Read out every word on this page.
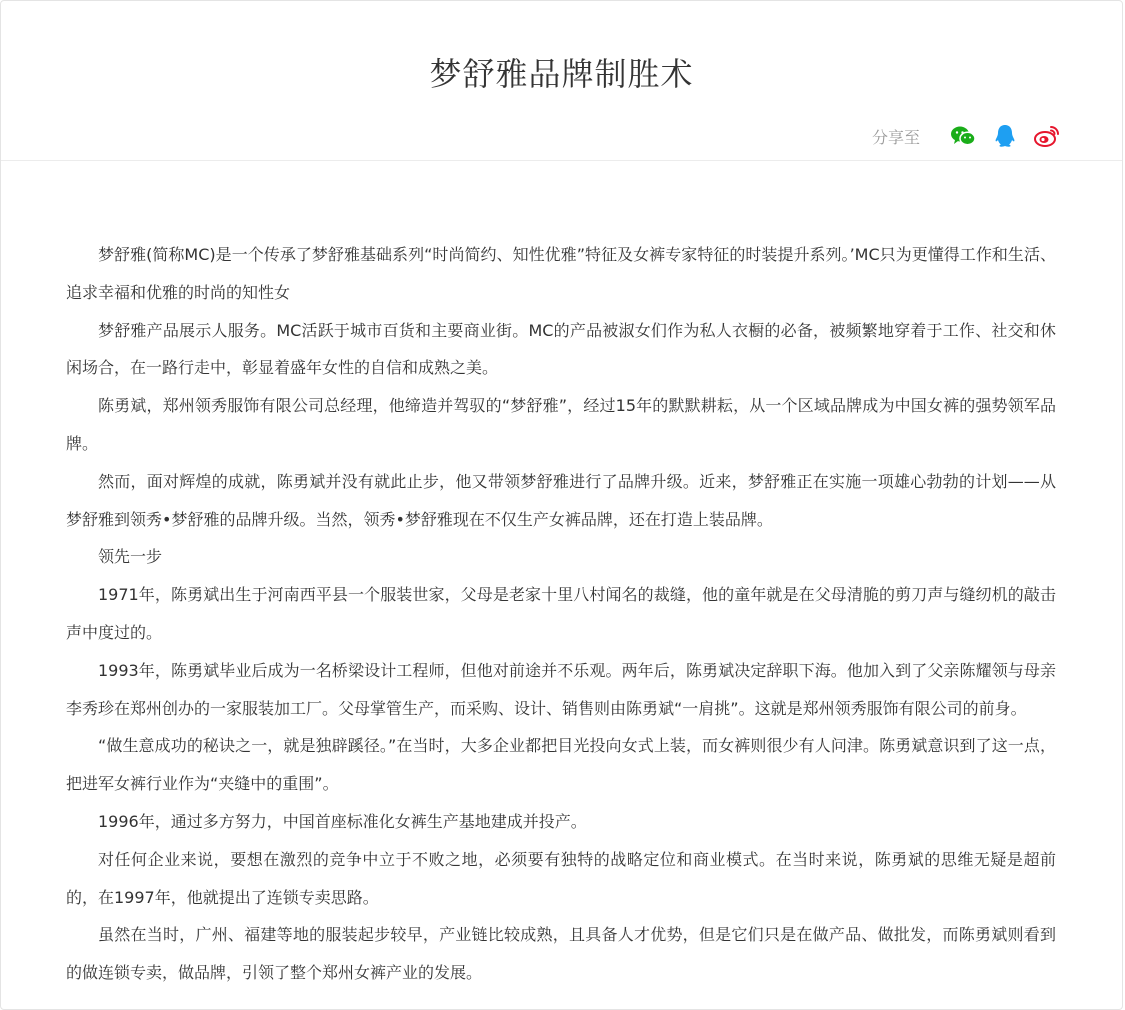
梦舒雅品牌制胜术
分享至

梦舒雅(简称MC)是一个传承了梦舒雅基础系列“时尚简约、知性优雅”特征及女裤专家特征的时装提升系列。’MC只为更懂得工作和生活、追求幸福和优雅的时尚的知性女

梦舒雅产品展示人服务。MC活跃于城市百货和主要商业街。MC的产品被淑女们作为私人衣橱的必备，被频繁地穿着于工作、社交和休闲场合，在一路行走中，彰显着盛年女性的自信和成熟之美。

陈勇斌，郑州领秀服饰有限公司总经理，他缔造并驾驭的“梦舒雅”，经过15年的默默耕耘，从一个区域品牌成为中国女裤的强势领军品牌。

然而，面对辉煌的成就，陈勇斌并没有就此止步，他又带领梦舒雅进行了品牌升级。近来，梦舒雅正在实施一项雄心勃勃的计划——从梦舒雅到领秀•梦舒雅的品牌升级。当然，领秀•梦舒雅现在不仅生产女裤品牌，还在打造上装品牌。

领先一步

1971年，陈勇斌出生于河南西平县一个服装世家，父母是老家十里八村闻名的裁缝，他的童年就是在父母清脆的剪刀声与缝纫机的敲击声中度过的。

1993年，陈勇斌毕业后成为一名桥梁设计工程师，但他对前途并不乐观。两年后，陈勇斌决定辞职下海。他加入到了父亲陈耀领与母亲李秀珍在郑州创办的一家服装加工厂。父母掌管生产，而采购、设计、销售则由陈勇斌“一肩挑”。这就是郑州领秀服饰有限公司的前身。

“做生意成功的秘诀之一，就是独辟蹊径。”在当时，大多企业都把目光投向女式上装，而女裤则很少有人问津。陈勇斌意识到了这一点，把进军女裤行业作为“夹缝中的重围”。

1996年，通过多方努力，中国首座标准化女裤生产基地建成并投产。

对任何企业来说，要想在激烈的竞争中立于不败之地，必须要有独特的战略定位和商业模式。在当时来说，陈勇斌的思维无疑是超前的，在1997年，他就提出了连锁专卖思路。

虽然在当时，广州、福建等地的服装起步较早，产业链比较成熟，且具备人才优势，但是它们只是在做产品、做批发，而陈勇斌则看到的做连锁专卖，做品牌，引领了整个郑州女裤产业的发展。
